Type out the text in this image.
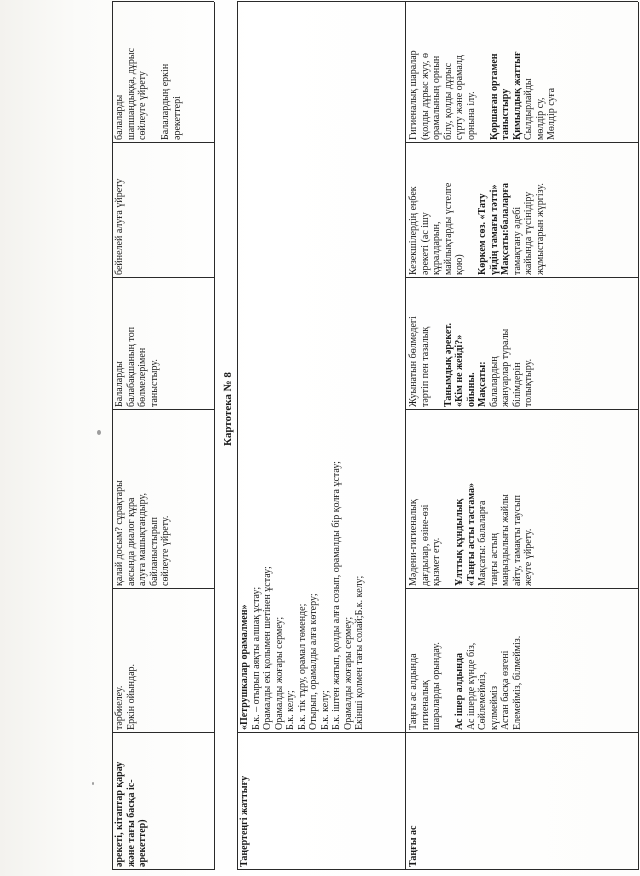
әрекеті, кітаптар қарау және тағы басқа іс- әрекеттер)
тәрбиелеу. Еркін ойындар.
қалай досым? сұрақтары аясында диалог құра алуға машықтандыру, байланыстырып сөйлеуге үйрету.
Балаларды балабақшаның топ бөлмелерімен таныстыру.
бейнелей алуға үйрету
балаларды шапшаңдыққа, дұрыс сөйлеуге үйрету
Балалардың еркін әрекеттері
Картотека № 8
Таңертеңгі жаттығу
«Петрушкалар орамалмен» Б.к. – отырып аяқты алшақ ұстау; Орамалды екі қолымен шетінен ұстау; Орамалды жоғары сермеу; Б.к. келу; Б.к. тік тұру, орамал төменде; Отырып, орамалды алға көтеру; Б.к. келу; Б.к. іштен жатып, қолды алға созып, орамалды бір қолға ұстау; Орамалды жоғары сермеу; Екінші қолмен тағы солай;Б.к. келу;
Таңғы ас
Таңғы ас алдында гигиеналық шараларды орындау.
Ас ішер алдында Ас ішерде күнде біз, Сөйлемейміз, күлмейміз Астан басқа өзгені Елемейміз, білмейміз.
Мәдени-гигиеналық дағдылар, өзіне-өзі қызмет ету.
Ұлттық құндылық «Таңғы асты тастама» Мақсаты: балаларға таңғы астың маңыздылығы жайлы айту, тамақты таусып жеуге үйрету.
Жуынатын бөлмедегі тәртіп пен тазалық
Танымдық әрекет. «Кім не жейді?» ойыны. Мақсаты: балалардың жануарлар туралы білімдерін толықтыру.
Кезекшілердің еңбек әрекеті (ас ішу құралдарын, майлықтарды үстелге қою)
Көркем сөз. «Тату үйдің тамағы тәтті» Мақсаты:балаларға тамақтану әдебі жайында түсінідіру жұмыстарын жүргізу.
Гигиеналық шаралар (қолды дұрыс жуу, ө орамалының орнын білу, қолды дұрыс сүрту және орамалд орнына ілу.
Қоршаған ортамен таныстыру Қимылдық жаттығ Сылдырлайды мөлдір су, Мөлдір суға
